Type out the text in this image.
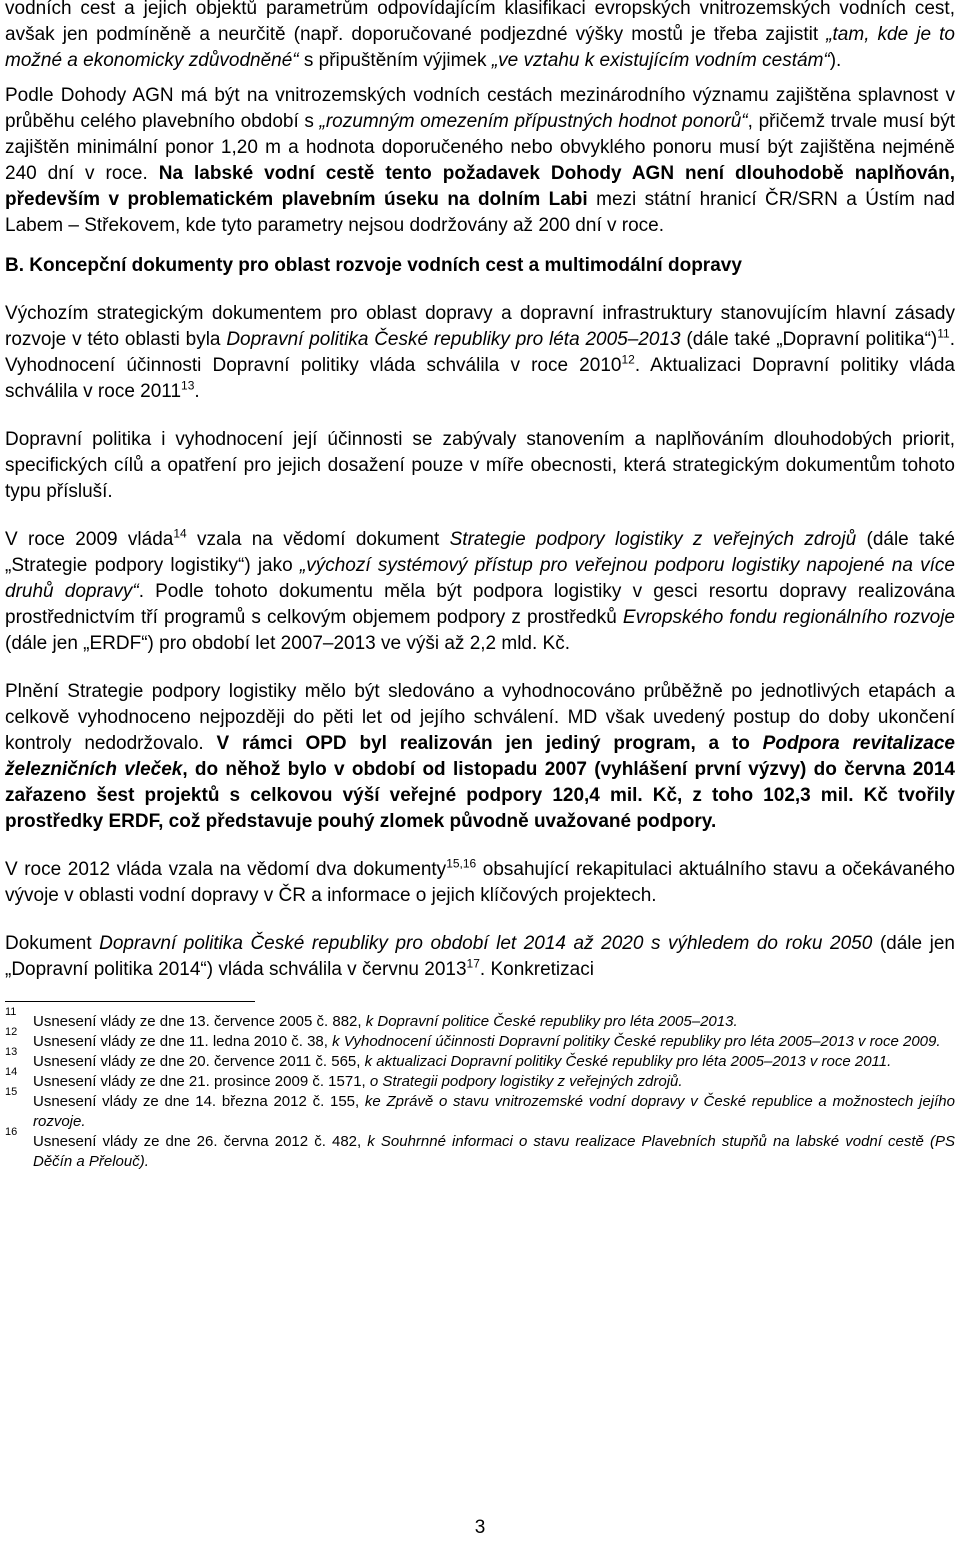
vodních cest a jejich objektů parametrům odpovídajícím klasifikaci evropských vnitrozemských vodních cest, avšak jen podmíněně a neurčitě (např. doporučované podjezdné výšky mostů je třeba zajistit „tam, kde je to možné a ekonomicky zdůvodněné“ s připuštěním výjimek „ve vztahu k existujícím vodním cestám“).

Podle Dohody AGN má být na vnitrozemských vodních cestách mezinárodního významu zajištěna splavnost v průběhu celého plavebního období s „rozumným omezením přípustných hodnot ponorů“, přičemž trvale musí být zajištěn minimální ponor 1,20 m a hodnota doporučeného nebo obvyklého ponoru musí být zajištěna nejméně 240 dní v roce. Na labské vodní cestě tento požadavek Dohody AGN není dlouhodobě naplňován, především v problematickém plavebním úseku na dolním Labi mezi státní hranicí ČR/SRN a Ústím nad Labem – Střekovem, kde tyto parametry nejsou dodržovány až 200 dní v roce.

B. Koncepční dokumenty pro oblast rozvoje vodních cest a multimodální dopravy

Výchozím strategickým dokumentem pro oblast dopravy a dopravní infrastruktury stanovujícím hlavní zásady rozvoje v této oblasti byla Dopravní politika České republiky pro léta 2005–2013 (dále také „Dopravní politika“)$^{11}$. Vyhodnocení účinnosti Dopravní politiky vláda schválila v roce 2010$^{12}$. Aktualizaci Dopravní politiky vláda schválila v roce 2011$^{13}$.

Dopravní politika i vyhodnocení její účinnosti se zabývaly stanovením a naplňováním dlouhodobých priorit, specifických cílů a opatření pro jejich dosažení pouze v míře obecnosti, která strategickým dokumentům tohoto typu přísluší.

V roce 2009 vláda$^{14}$ vzala na vědomí dokument Strategie podpory logistiky z veřejných zdrojů (dále také „Strategie podpory logistiky“) jako „výchozí systémový přístup pro veřejnou podporu logistiky napojené na více druhů dopravy“. Podle tohoto dokumentu měla být podpora logistiky v gesci resortu dopravy realizována prostřednictvím tří programů s celkovým objemem podpory z prostředků Evropského fondu regionálního rozvoje (dále jen „ERDF“) pro období let 2007–2013 ve výši až 2,2 mld. Kč.

Plnění Strategie podpory logistiky mělo být sledováno a vyhodnocováno průběžně po jednotlivých etapách a celkově vyhodnoceno nejpozději do pěti let od jejího schválení. MD však uvedený postup do doby ukončení kontroly nedodržovalo. V rámci OPD byl realizován jen jediný program, a to Podpora revitalizace železničních vleček, do něhož bylo v období od listopadu 2007 (vyhlášení první výzvy) do června 2014 zařazeno šest projektů s celkovou výší veřejné podpory 120,4 mil. Kč, z toho 102,3 mil. Kč tvořily prostředky ERDF, což představuje pouhý zlomek původně uvažované podpory.

V roce 2012 vláda vzala na vědomí dva dokumenty$^{15,16}$ obsahující rekapitulaci aktuálního stavu a očekávaného vývoje v oblasti vodní dopravy v ČR a informace o jejich klíčových projektech.

Dokument Dopravní politika České republiky pro období let 2014 až 2020 s výhledem do roku 2050 (dále jen „Dopravní politika 2014“) vláda schválila v červnu 2013$^{17}$. Konkretizaci

11
Usnesení vlády ze dne 13. července 2005 č. 882, k Dopravní politice České republiky pro léta 2005–2013.
12
Usnesení vlády ze dne 11. ledna 2010 č. 38, k Vyhodnocení účinnosti Dopravní politiky České republiky pro léta 2005–2013 v roce 2009.
13
Usnesení vlády ze dne 20. července 2011 č. 565, k aktualizaci Dopravní politiky České republiky pro léta 2005–2013 v roce 2011.
14
Usnesení vlády ze dne 21. prosince 2009 č. 1571, o Strategii podpory logistiky z veřejných zdrojů.
15
Usnesení vlády ze dne 14. března 2012 č. 155, ke Zprávě o stavu vnitrozemské vodní dopravy v České republice a možnostech jejího rozvoje.
16
Usnesení vlády ze dne 26. června 2012 č. 482, k Souhrnné informaci o stavu realizace Plavebních stupňů na labské vodní cestě (PS Děčín a Přelouč).
3
